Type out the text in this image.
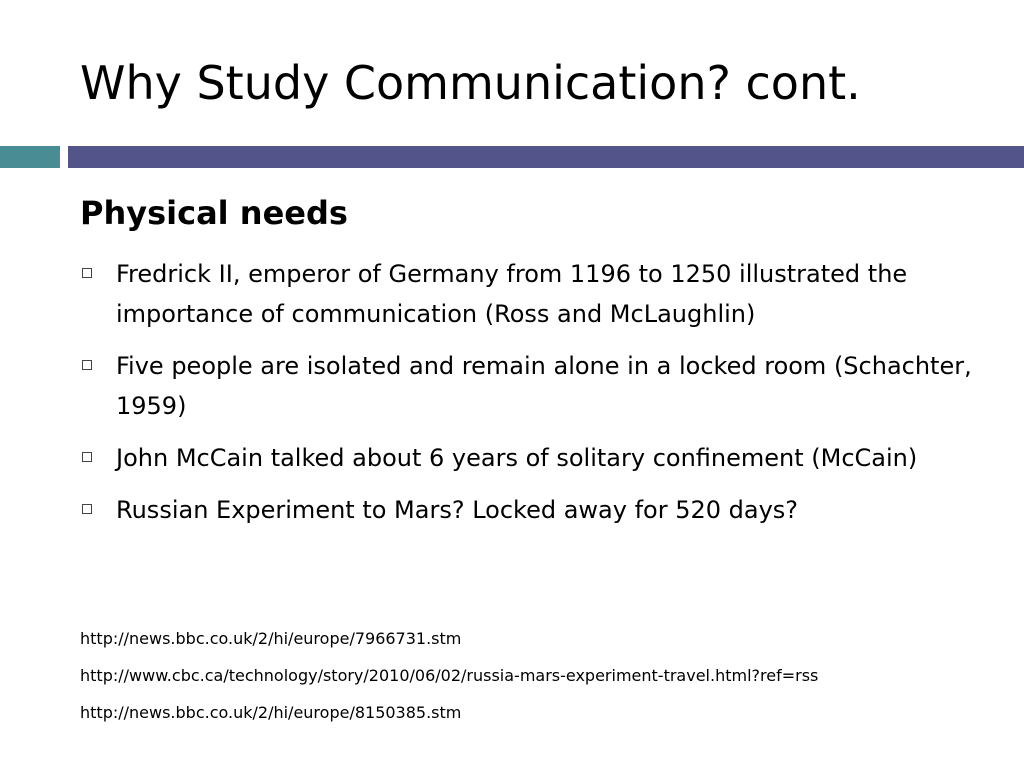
Why Study Communication? cont.
Physical needs
Fredrick II, emperor of Germany from 1196 to 1250 illustrated the importance of communication (Ross and McLaughlin)
Five people are isolated and remain alone in a locked room (Schachter, 1959)
John McCain talked about 6 years of solitary confinement (McCain)
Russian Experiment to Mars? Locked away for 520 days?
http://news.bbc.co.uk/2/hi/europe/7966731.stm
http://www.cbc.ca/technology/story/2010/06/02/russia-mars-experiment-travel.html?ref=rss
http://news.bbc.co.uk/2/hi/europe/8150385.stm
